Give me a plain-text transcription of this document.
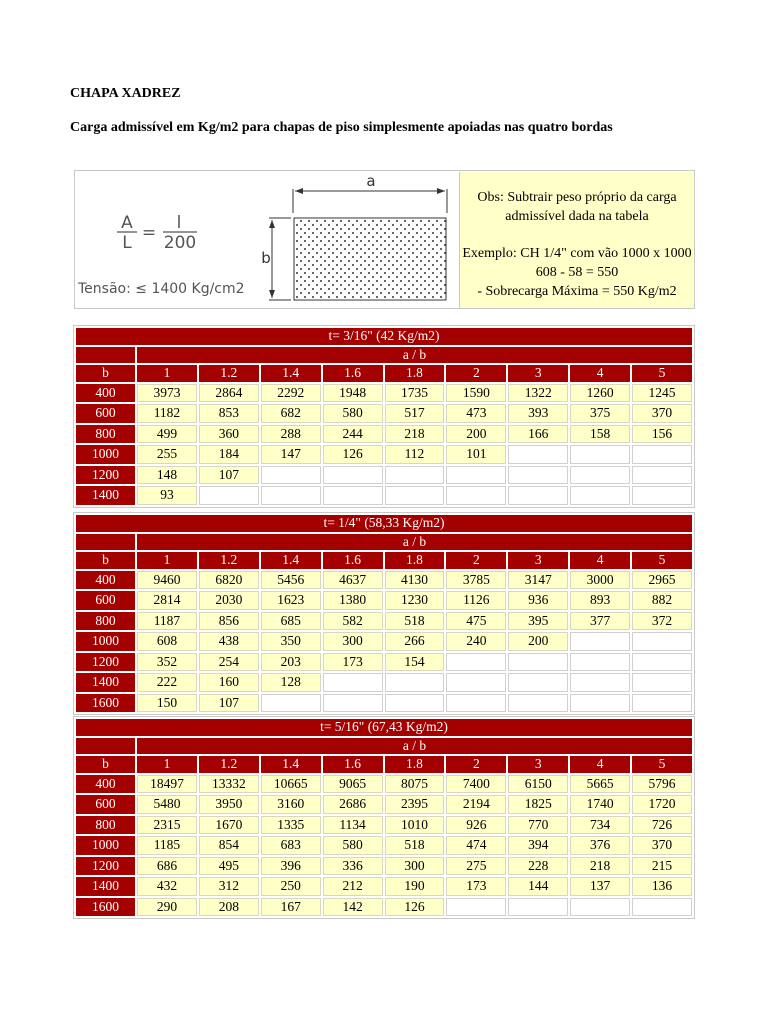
CHAPA XADREZ
Carga admissível em Kg/m2 para chapas de piso simplesmente apoiadas nas quatro bordas
a
b
A
L = l
200
Tensão: ≤ 1400 Kg/cm2
Obs: Subtrair peso próprio da carga
admissível dada na tabela
Exemplo: CH 1/4" com vão 1000 x 1000
608 - 58 = 550
- Sobrecarga Máxima = 550 Kg/m2
t= 3/16" (42 Kg/m2)									
	a / b								
b	1	1.2	1.4	1.6	1.8	2	3	4	5
400	3973	2864	2292	1948	1735	1590	1322	1260	1245
600	1182	853	682	580	517	473	393	375	370
800	499	360	288	244	218	200	166	158	156
1000	255	184	147	126	112	101			
1200	148	107							
1400	93								
t= 1/4" (58,33 Kg/m2)									
	a / b								
b	1	1.2	1.4	1.6	1.8	2	3	4	5
400	9460	6820	5456	4637	4130	3785	3147	3000	2965
600	2814	2030	1623	1380	1230	1126	936	893	882
800	1187	856	685	582	518	475	395	377	372
1000	608	438	350	300	266	240	200		
1200	352	254	203	173	154				
1400	222	160	128						
1600	150	107							
t= 5/16" (67,43 Kg/m2)									
	a / b								
b	1	1.2	1.4	1.6	1.8	2	3	4	5
400	18497	13332	10665	9065	8075	7400	6150	5665	5796
600	5480	3950	3160	2686	2395	2194	1825	1740	1720
800	2315	1670	1335	1134	1010	926	770	734	726
1000	1185	854	683	580	518	474	394	376	370
1200	686	495	396	336	300	275	228	218	215
1400	432	312	250	212	190	173	144	137	136
1600	290	208	167	142	126				
